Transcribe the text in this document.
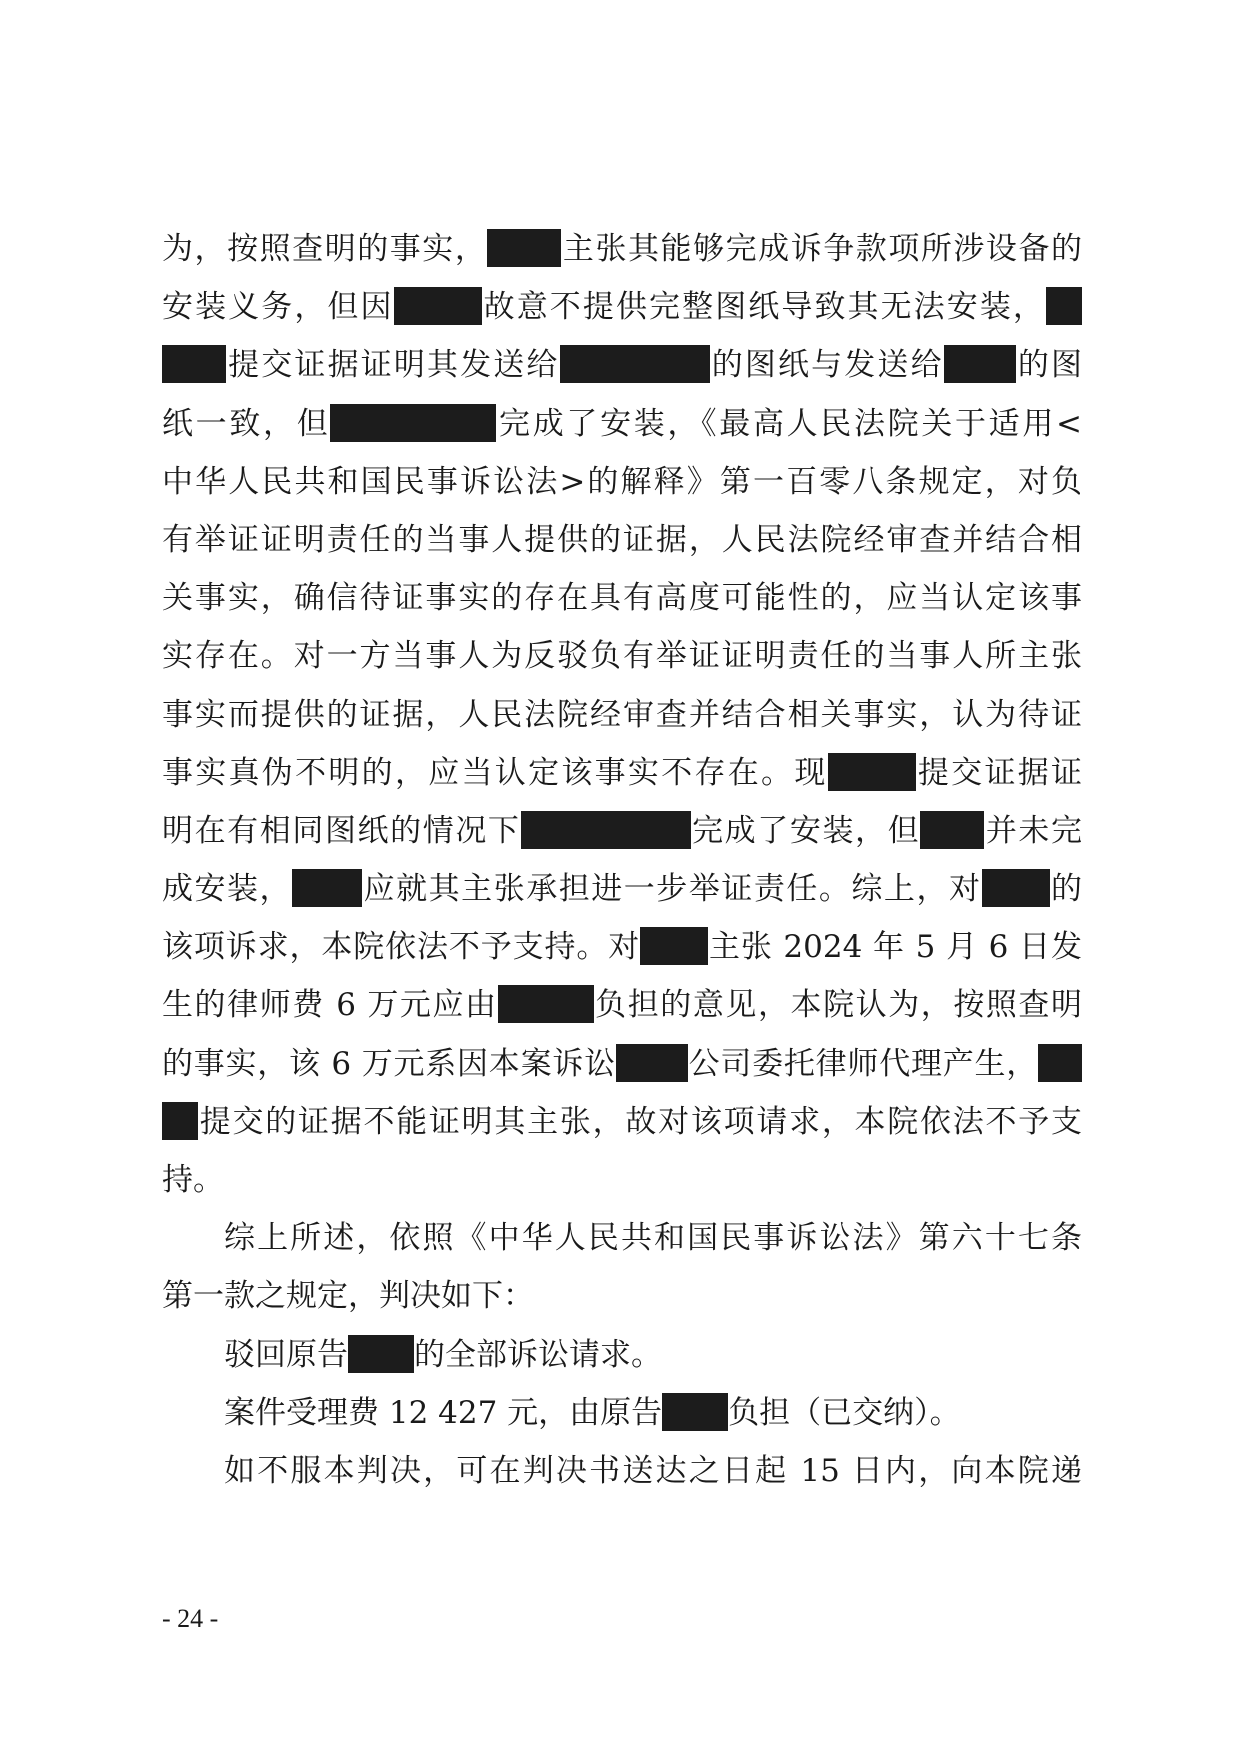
为，按照查明的事实， 主张其能够完成诉争款项所涉设备的
安装义务，但因	故意不提供完整图纸导致其无法安装，
提交证据证明其发送给	的图纸与发送给 的图
纸一致，但	完成了安装，《最高人民法院关于适用<
中华人民共和国民事诉讼法>的解释》第一百零八条规定，对负
有举证证明责任的当事人提供的证据，人民法院经审查并结合相
关事实，确信待证事实的存在具有高度可能性的，应当认定该事
实存在。对一方当事人为反驳负有举证证明责任的当事人所主张
事实而提供的证据，人民法院经审查并结合相关事实，认为待证
事实真伪不明的，应当认定该事实不存在。现	提交证据证
明在有相同图纸的情况下	完成了安装，但 并未完
成安装， 应就其主张承担进一步举证责任。综上，对 的
该项诉求，本院依法不予支持。对 主张 2024 年 5 月 6 日发
生的律师费 6 万元应由	负担的意见，本院认为，按照查明
的事实，该 6 万元系因本案诉讼 公司委托律师代理产生，
提交的证据不能证明其主张，故对该项请求，本院依法不予支
持。
综上所述，依照《中华人民共和国民事诉讼法》第六十七条
第一款之规定，判决如下：
驳回原告 的全部诉讼请求。
案件受理费 12 427 元，由原告 负担（已交纳）。
如不服本判决，可在判决书送达之日起 15 日内，向本院递
- 24 -
